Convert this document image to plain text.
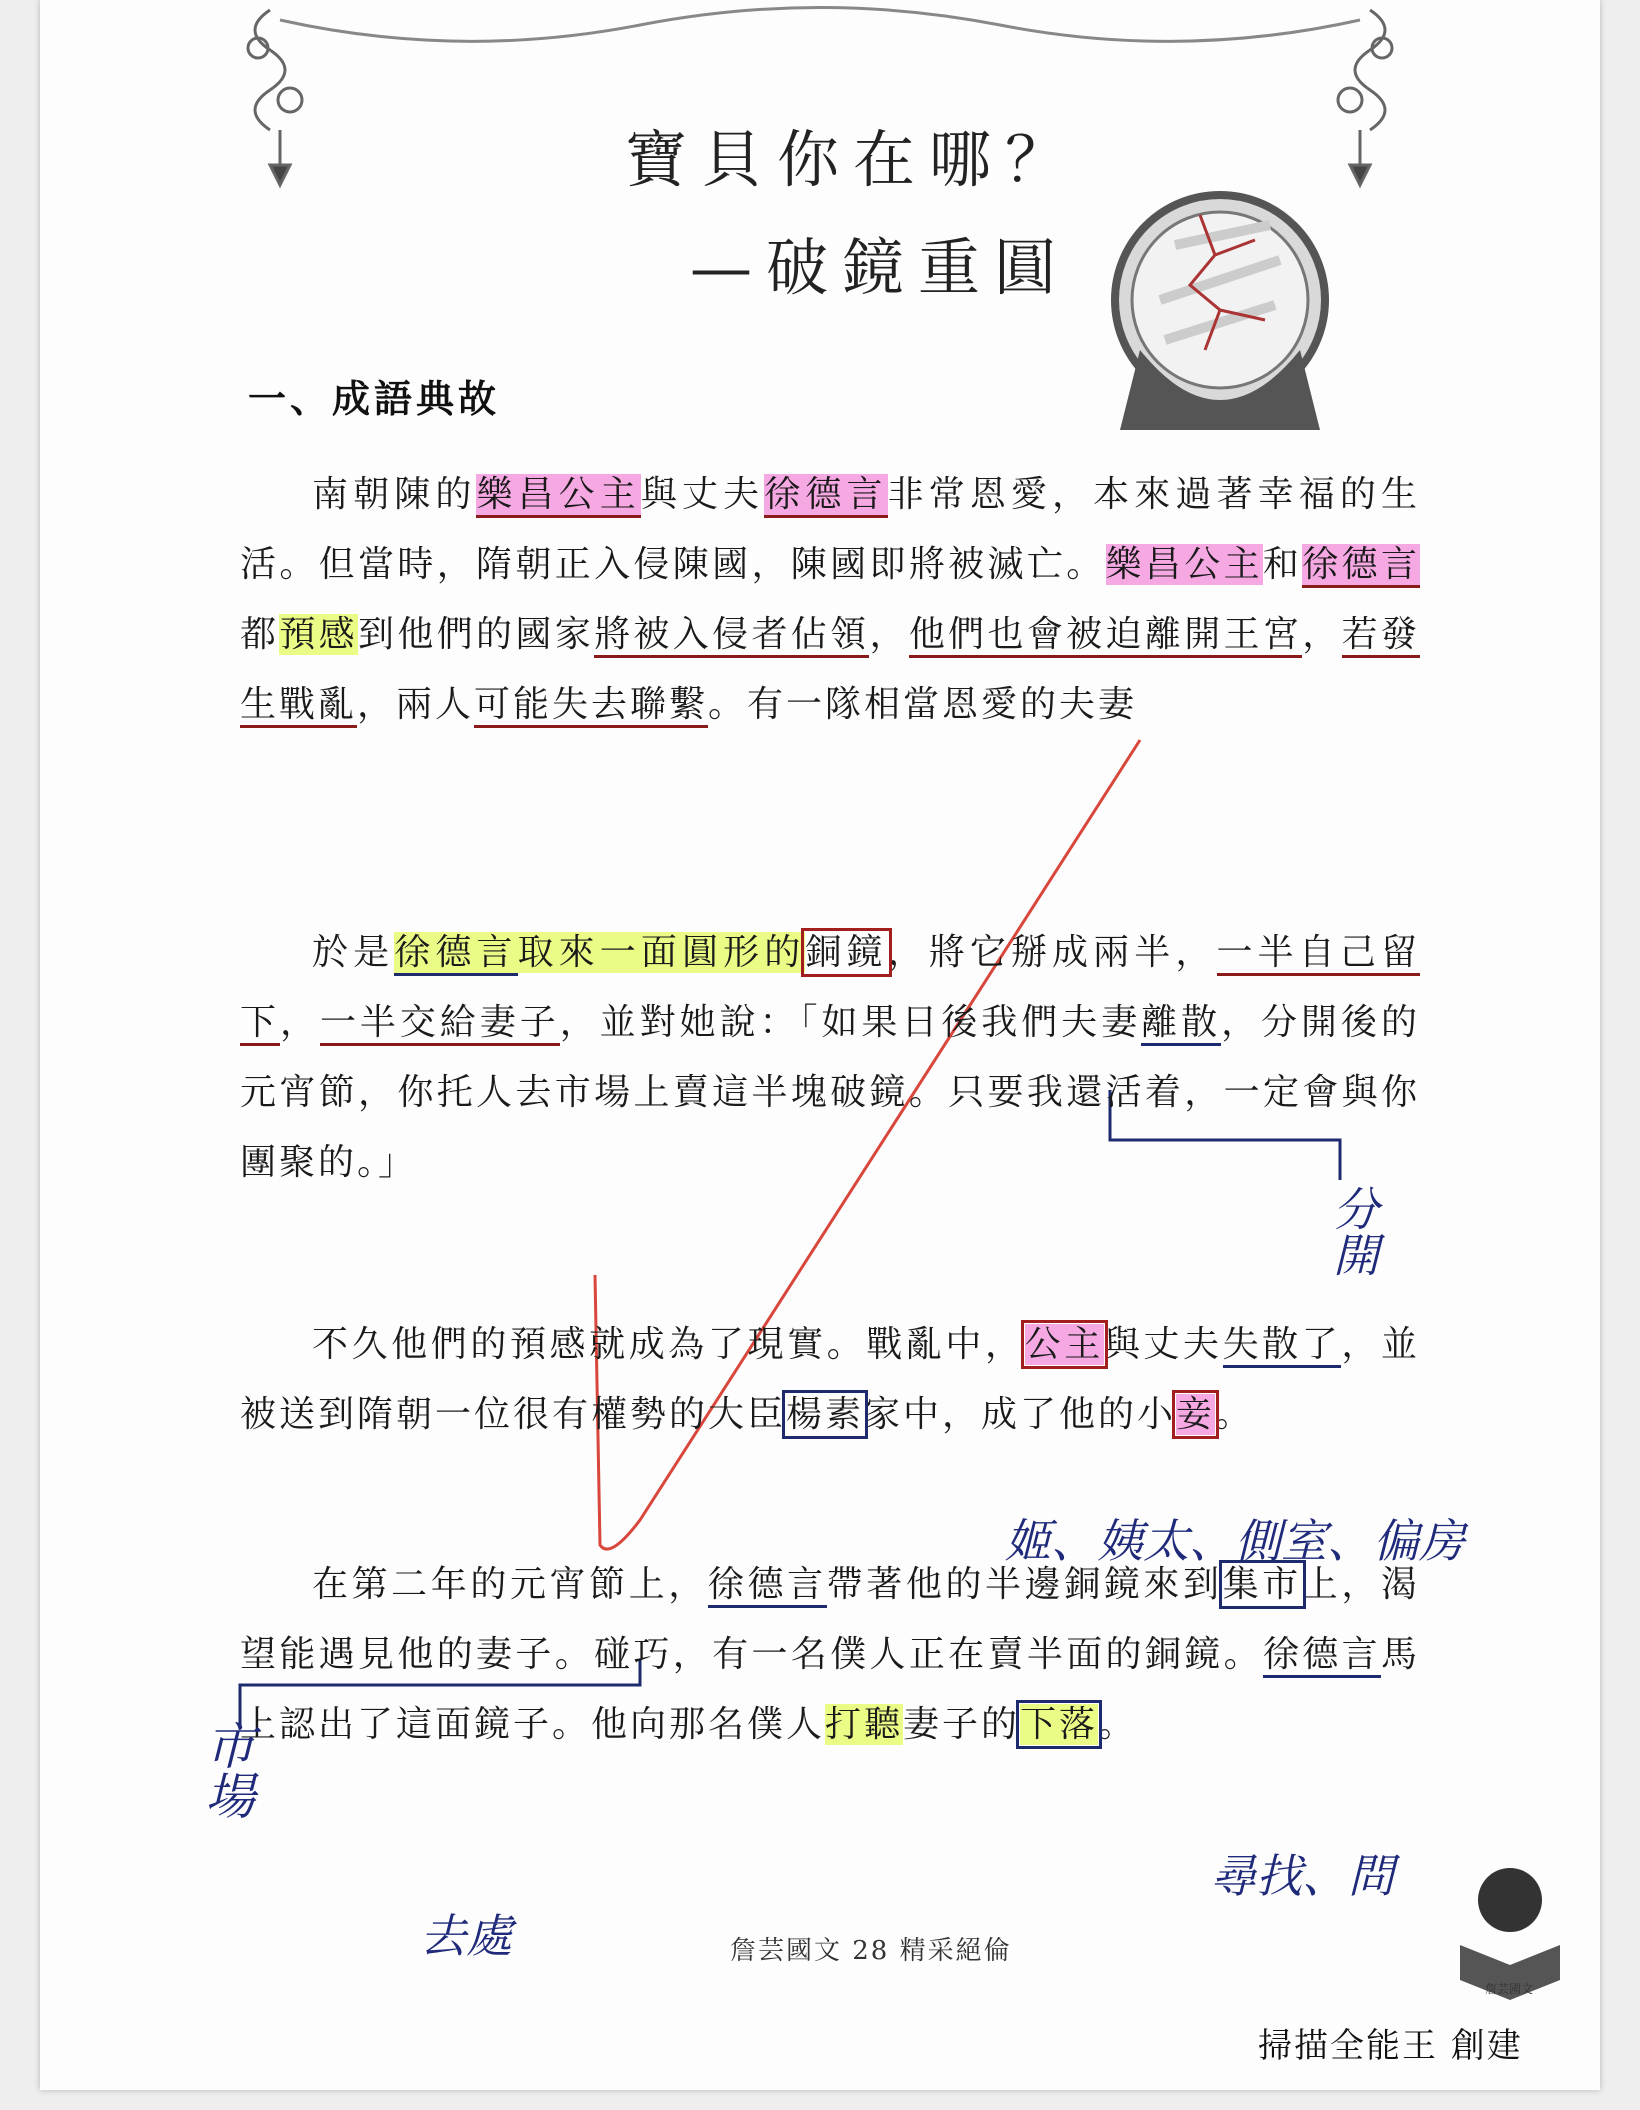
寶貝你在哪？
—破鏡重圓
一、成語典故
南朝陳的樂昌公主與丈夫徐德言非常恩愛，本來過著幸福的生活。但當時，隋朝正入侵陳國，陳國即將被滅亡。樂昌公主和徐德言都預感到他們的國家將被入侵者佔領，他們也會被迫離開王宮，若發生戰亂，兩人可能失去聯繫。有一隊相當恩愛的夫妻
於是徐德言取來一面圓形的銅鏡，將它掰成兩半，一半自己留下，一半交給妻子，並對她說：「如果日後我們夫妻離散，分開後的元宵節，你托人去市場上賣這半塊破鏡。只要我還活着，一定會與你團聚的。」
不久他們的預感就成為了現實。戰亂中，公主與丈夫失散了，並被送到隋朝一位很有權勢的大臣楊素家中，成了他的小妾。
在第二年的元宵節上，徐德言帶著他的半邊銅鏡來到集市上，渴望能遇見他的妻子。碰巧，有一名僕人正在賣半面的銅鏡。徐德言馬上認出了這面鏡子。他向那名僕人打聽妻子的下落。
分開
姬、姨太、側室、偏房
市場
尋找、問
去處	詹芸國文 28 精采絕倫
詹芸國文
掃描全能王 創建
